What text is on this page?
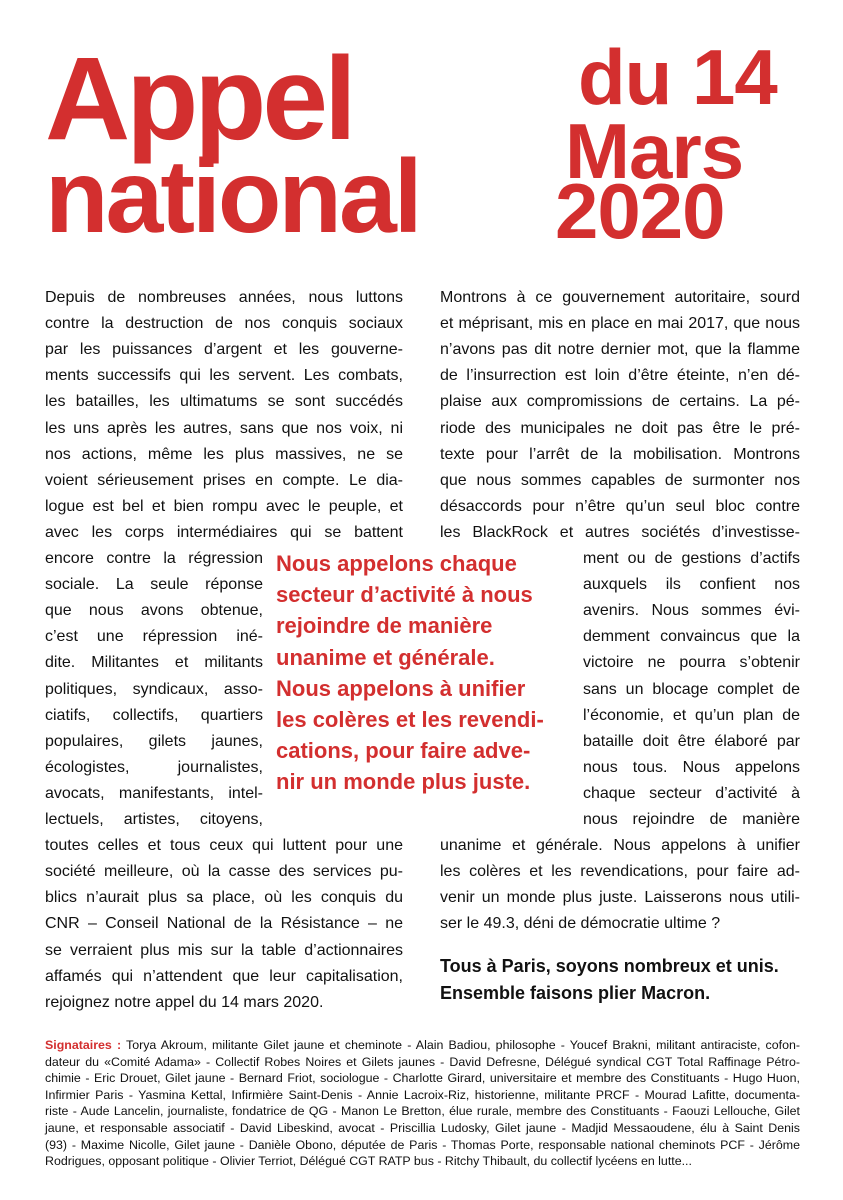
Appel
national
du 14
Mars
2020
Depuis de nombreuses années, nous luttons
contre la destruction de nos conquis sociaux
par les puissances d’argent et les gouverne-
ments successifs qui les servent. Les combats,
les batailles, les ultimatums se sont succédés
les uns après les autres, sans que nos voix, ni
nos actions, même les plus massives, ne se
voient sérieusement prises en compte. Le dia-
logue est bel et bien rompu avec le peuple, et
avec les corps intermédiaires qui se battent
encore contre la régression
sociale. La seule réponse
que nous avons obtenue,
c’est une répression iné-
dite. Militantes et militants
politiques, syndicaux, asso-
ciatifs, collectifs, quartiers
populaires, gilets jaunes,
écologistes, journalistes,
avocats, manifestants, intel-
lectuels, artistes, citoyens,
toutes celles et tous ceux qui luttent pour une
société meilleure, où la casse des services pu-
blics n’aurait plus sa place, où les conquis du
CNR – Conseil National de la Résistance – ne
se verraient plus mis sur la table d’actionnaires
affamés qui n’attendent que leur capitalisation,
rejoignez notre appel du 14 mars 2020.
Montrons à ce gouvernement autoritaire, sourd
et méprisant, mis en place en mai 2017, que nous
n’avons pas dit notre dernier mot, que la flamme
de l’insurrection est loin d’être éteinte, n’en dé-
plaise aux compromissions de certains. La pé-
riode des municipales ne doit pas être le pré-
texte pour l’arrêt de la mobilisation. Montrons
que nous sommes capables de surmonter nos
désaccords pour n’être qu’un seul bloc contre
les BlackRock et autres sociétés d’investisse-
ment ou de gestions d’actifs
auxquels ils confient nos
avenirs. Nous sommes évi-
demment convaincus que la
victoire ne pourra s’obtenir
sans un blocage complet de
l’économie, et qu’un plan de
bataille doit être élaboré par
nous tous. Nous appelons
chaque secteur d’activité à
nous rejoindre de manière
unanime et générale. Nous appelons à unifier
les colères et les revendications, pour faire ad-
venir un monde plus juste. Laisserons nous utili-
ser le 49.3, déni de démocratie ultime ?
Nous appelons chaque
secteur d’activité à nous
rejoindre de manière
unanime et générale.
Nous appelons à unifier
les colères et les revendi-
cations, pour faire adve-
nir un monde plus juste.
Tous à Paris, soyons nombreux et unis.
Ensemble faisons plier Macron.
Signataires : Torya Akroum, militante Gilet jaune et cheminote - Alain Badiou, philosophe - Youcef Brakni, militant antiraciste, cofon-
dateur du «Comité Adama» - Collectif Robes Noires et Gilets jaunes - David Defresne, Délégué syndical CGT Total Raffinage Pétro-
chimie - Eric Drouet, Gilet jaune - Bernard Friot, sociologue - Charlotte Girard, universitaire et membre des Constituants - Hugo Huon,
Infirmier Paris - Yasmina Kettal, Infirmière Saint-Denis - Annie Lacroix-Riz, historienne, militante PRCF - Mourad Lafitte, documenta-
riste - Aude Lancelin, journaliste, fondatrice de QG - Manon Le Bretton, élue rurale, membre des Constituants - Faouzi Lellouche, Gilet
jaune, et responsable associatif - David Libeskind, avocat - Priscillia Ludosky, Gilet jaune - Madjid Messaoudene, élu à Saint Denis
(93) - Maxime Nicolle, Gilet jaune - Danièle Obono, députée de Paris - Thomas Porte, responsable national cheminots PCF - Jérôme
Rodrigues, opposant politique - Olivier Terriot, Délégué CGT RATP bus - Ritchy Thibault, du collectif lycéens en lutte...
